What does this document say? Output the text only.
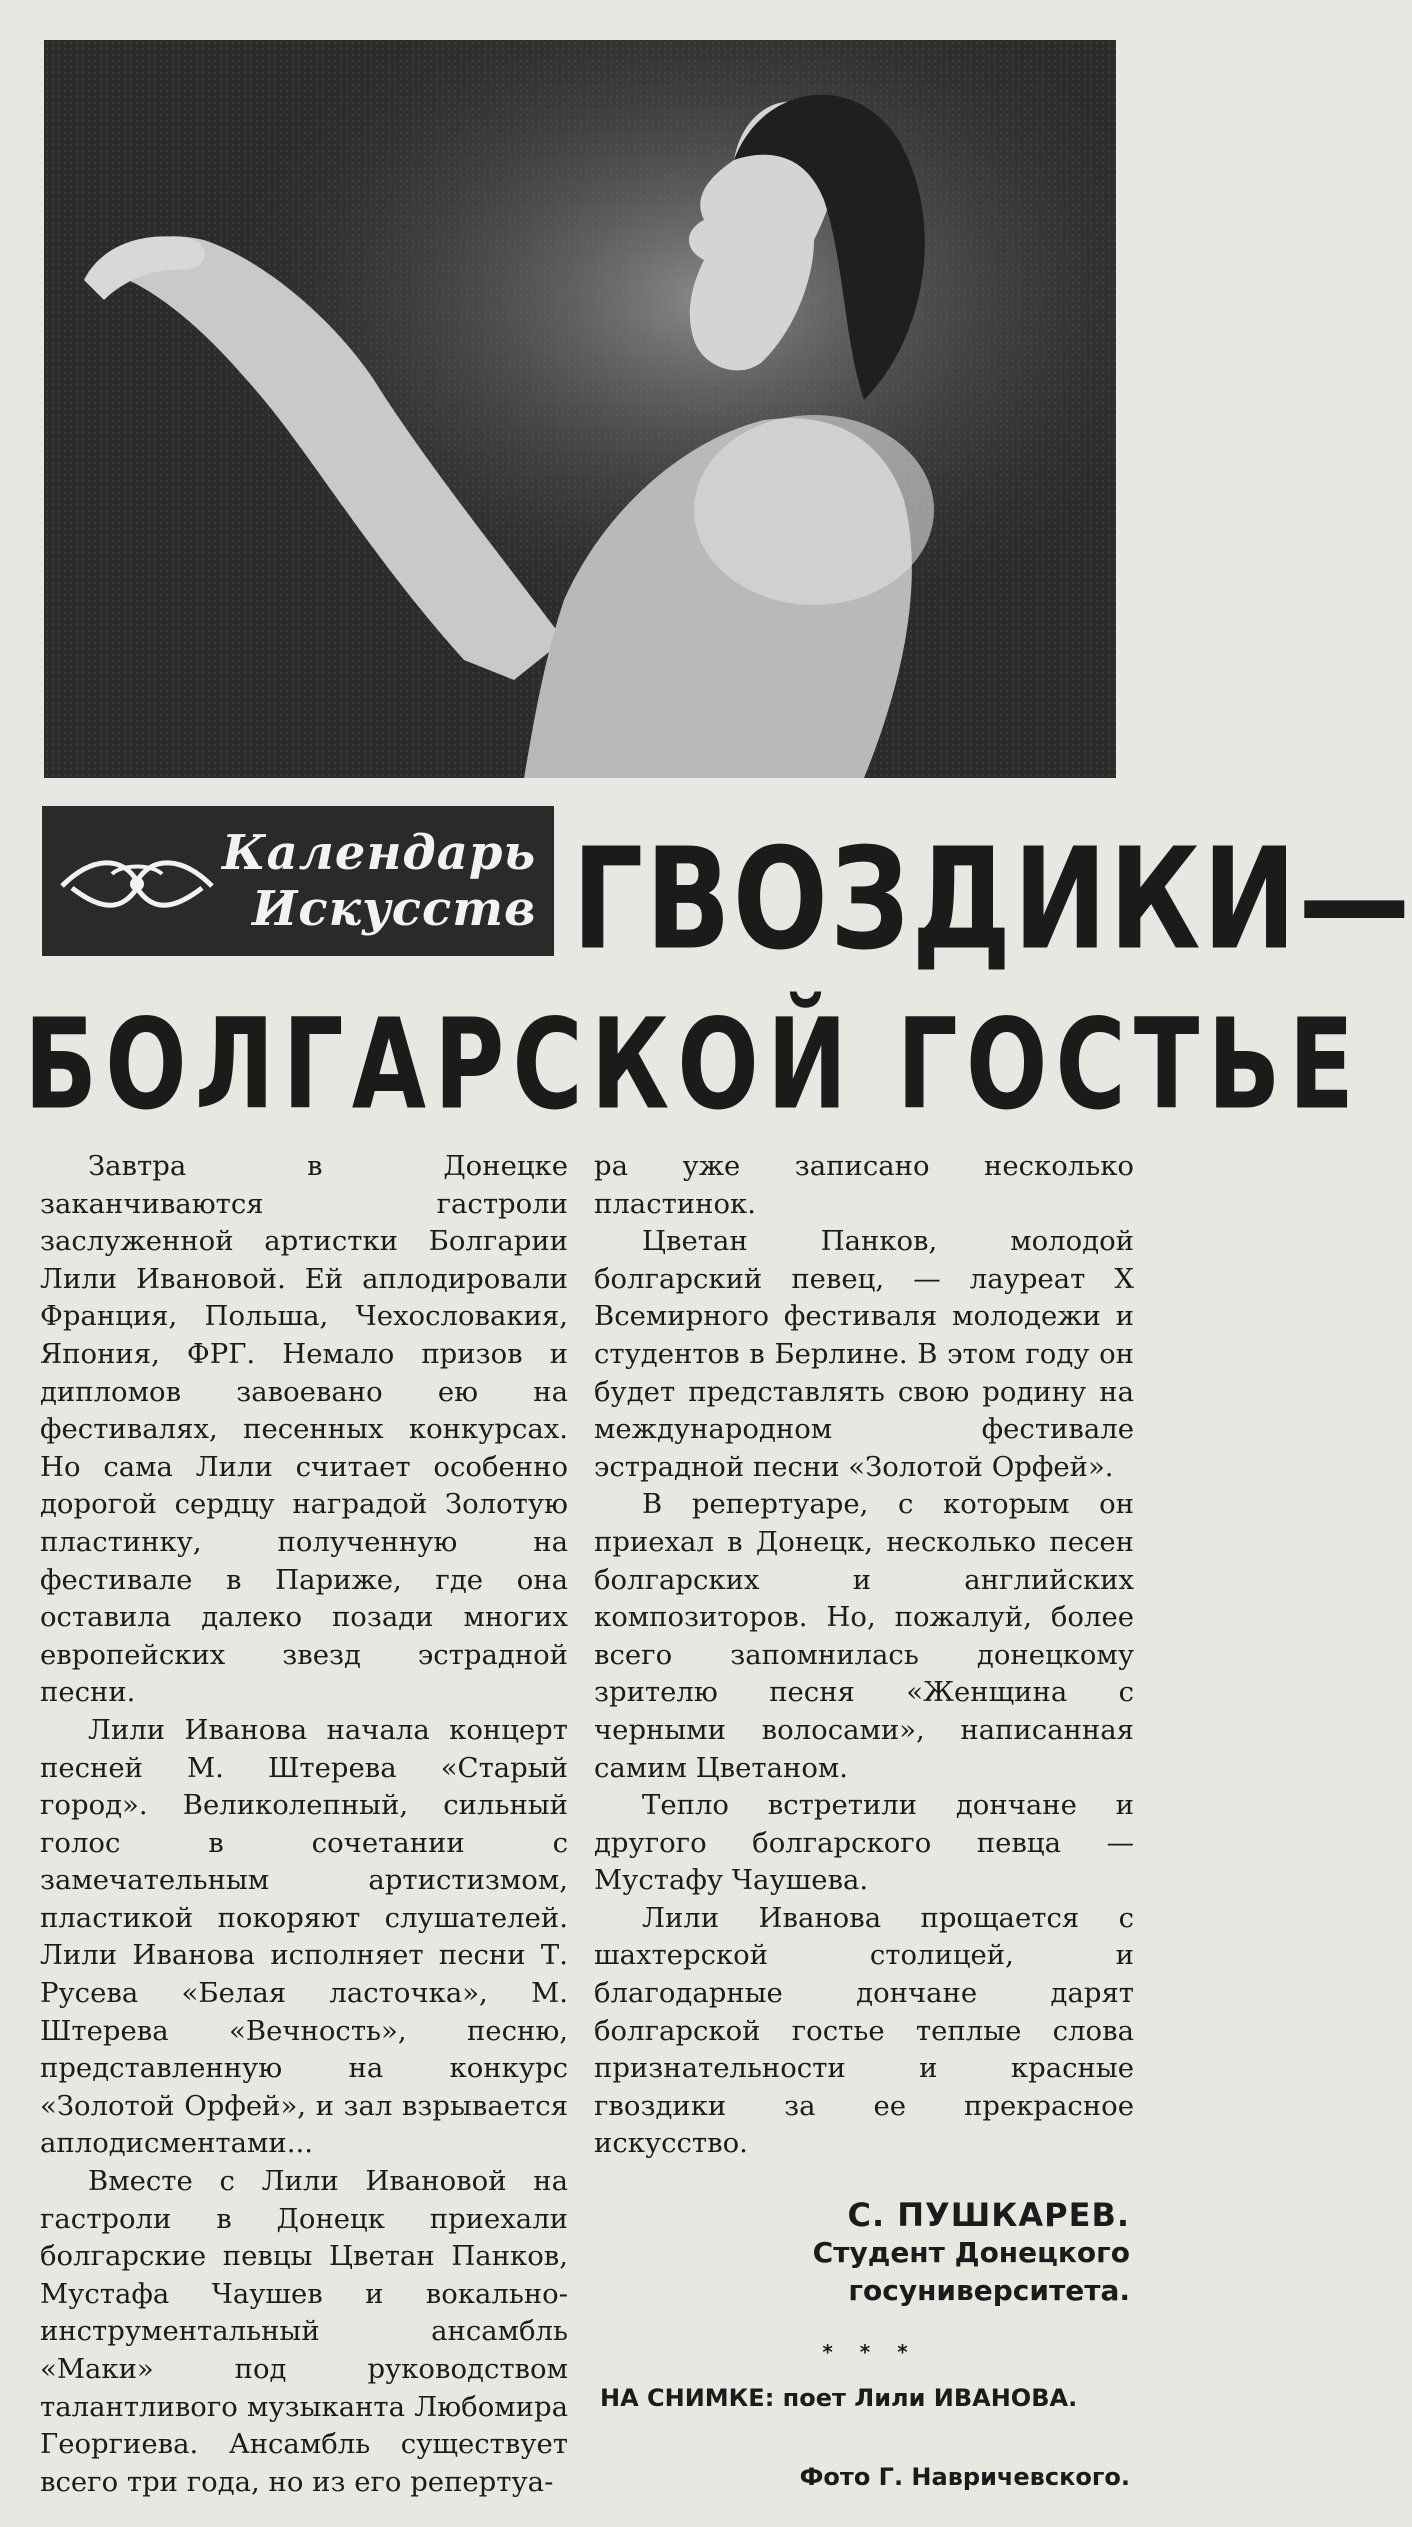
Календарь
Искусств ГВОЗДИКИ—
БОЛГАРСКОЙ ГОСТЬЕ

Завтра в Донецке заканчиваются гастроли заслуженной артистки Болгарии Лили Ивановой. Ей аплодировали Франция, Польша, Чехословакия, Япония, ФРГ. Немало призов и дипломов завоевано ею на фестивалях, песенных конкурсах. Но сама Лили считает особенно дорогой сердцу наградой Золотую пластинку, полученную на фестивале в Париже, где она оставила далеко позади многих европейских звезд эстрадной песни.

Лили Иванова начала концерт песней М. Штерева «Старый город». Великолепный, сильный голос в сочетании с замечательным артистизмом, пластикой покоряют слушателей. Лили Иванова исполняет песни Т. Русева «Белая ласточка», М. Штерева «Вечность», песню, представленную на конкурс «Золотой Орфей», и зал взрывается аплодисментами...

Вместе с Лили Ивановой на гастроли в Донецк приехали болгарские певцы Цветан Панков, Мустафа Чаушев и вокально-инструментальный ансамбль «Маки» под руководством талантливого музыканта Любомира Георгиева. Ансамбль существует всего три года, но из его репертуа-

ра уже записано несколько пластинок.

Цветан Панков, молодой болгарский певец, — лауреат X Всемирного фестиваля молодежи и студентов в Берлине. В этом году он будет представлять свою родину на международном фестивале эстрадной песни «Золотой Орфей».

В репертуаре, с которым он приехал в Донецк, несколько песен болгарских и английских композиторов. Но, пожалуй, более всего запомнилась донецкому зрителю песня «Женщина с черными волосами», написанная самим Цветаном.

Тепло встретили дончане и другого болгарского певца — Мустафу Чаушева.

Лили Иванова прощается с шахтерской столицей, и благодарные дончане дарят болгарской гостье теплые слова признательности и красные гвоздики за ее прекрасное искусство.

С. ПУШКАРЕВ.
Студент Донецкого
госуниверситета.
* * *
НА СНИМКЕ: поет Лили ИВАНОВА.
Фото Г. Навричевского.
